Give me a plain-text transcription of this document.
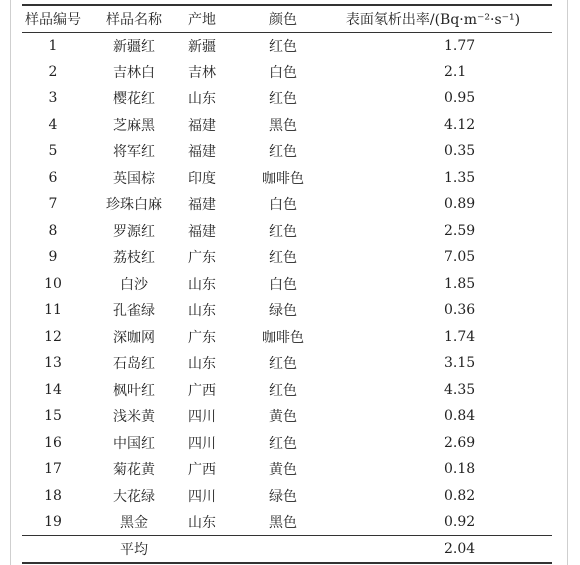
样品编号	样品名称	产地	颜色	表面氡析出率/(Bq·m⁻²·s⁻¹)
1	新疆红	新疆	红色	1.77
2	吉林白	吉林	白色	2.1
3	樱花红	山东	红色	0.95
4	芝麻黑	福建	黑色	4.12
5	将军红	福建	红色	0.35
6	英国棕	印度	咖啡色	1.35
7	珍珠白麻	福建	白色	0.89
8	罗源红	福建	红色	2.59
9	荔枝红	广东	红色	7.05
10	白沙	山东	白色	1.85
11	孔雀绿	山东	绿色	0.36
12	深咖网	广东	咖啡色	1.74
13	石岛红	山东	红色	3.15
14	枫叶红	广西	红色	4.35
15	浅米黄	四川	黄色	0.84
16	中国红	四川	红色	2.69
17	菊花黄	广西	黄色	0.18
18	大花绿	四川	绿色	0.82
19	黑金	山东	黑色	0.92
	平均			2.04
